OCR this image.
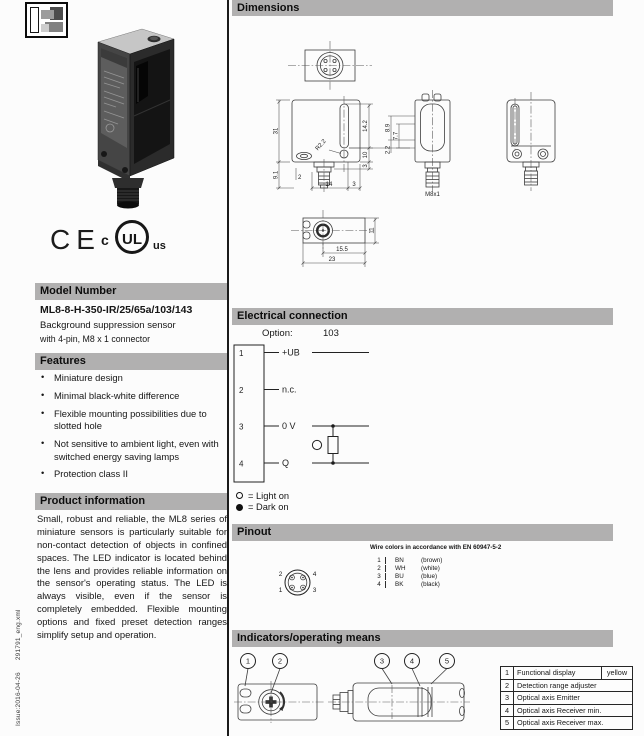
Issue:2016-04-26      291791_eng.xml
CE c UL	us
Model Number
ML8-8-H-350-IR/25/65a/103/143
Background suppression sensor
with 4-pin, M8 x 1 connector
Features
• Miniature design
• Minimal black-white difference
• Flexible mounting possibilities due to slotted hole
• Not sensitive to ambient light, even with switched energy saving lamps
• Protection class II
Product information
Small, robust and reliable, the ML8 series of miniature sensors is particularly suitable for non-contact detection of objects in confined spaces. The LED indicator is located behind the lens and provides reliable information on the sensor's operating status. The LED is always visible, even if the sensor is completely embedded. Flexible mounting options and fixed preset detection ranges simplify setup and operation.
Dimensions
R2.2
31
9.1	2
14	3
14.2
10
3
M8x1
8.9
7.7
2.2
11
15.5
23
Electrical connection
Option:	103
1
2
3
4
+UB
n.c.
0 V
Q
= Light on
= Dark on
Pinout
Wire colors in accordance with EN 60947-5-2
2	4
1	3
1	BN	(brown)
2	WH	(white)
3	BU	(blue)
4	BK	(black)
Indicators/operating means
1	2	3	4	5
1	Functional display	yellow
2	Detection range adjuster
3	Optical axis Emitter
4	Optical axis Receiver min.
5	Optical axis Receiver max.
